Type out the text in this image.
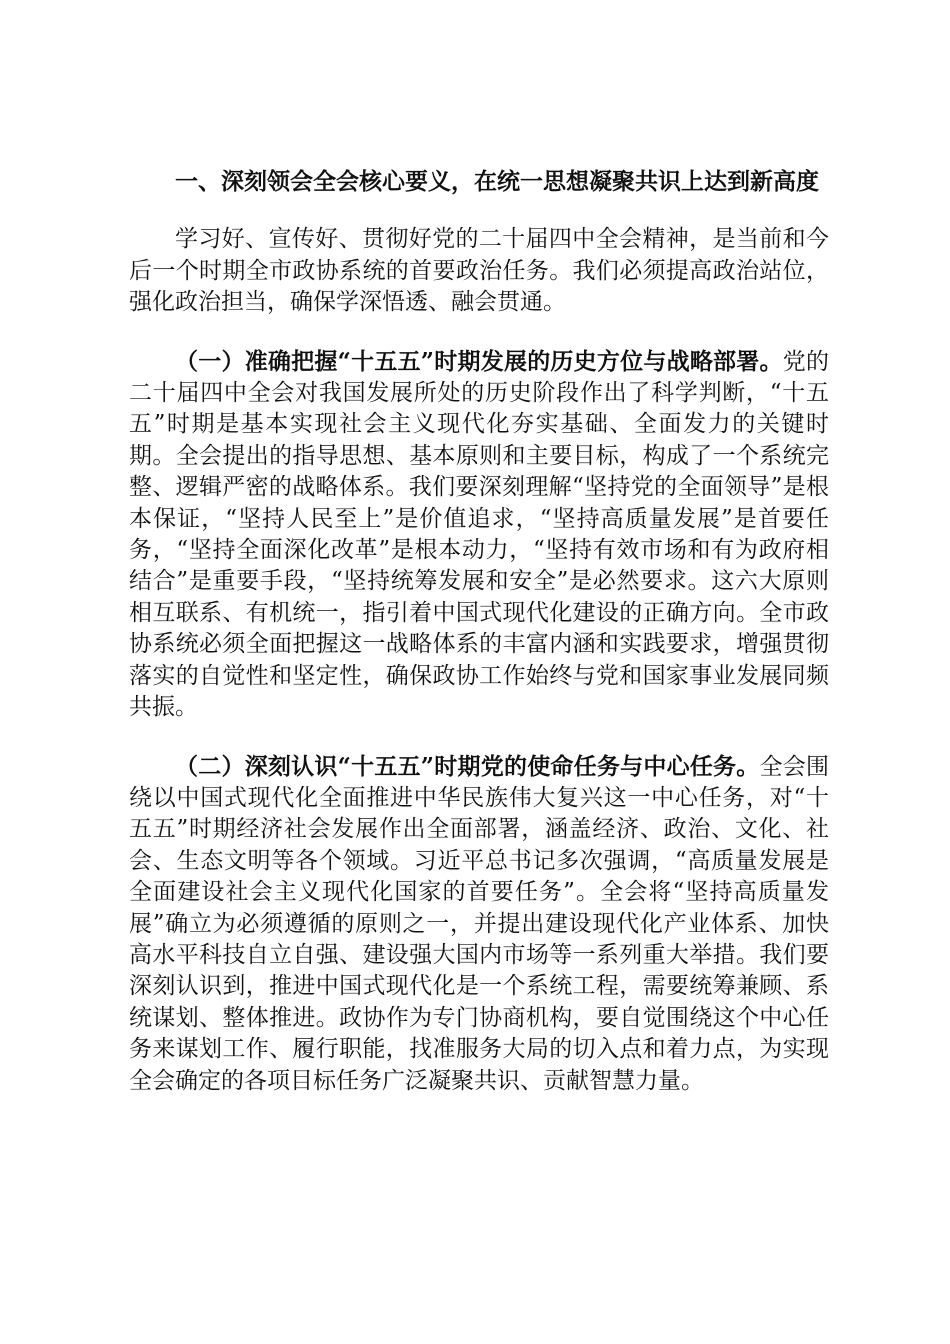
一、深刻领会全会核心要义，在统一思想凝聚共识上达到新高度

学习好、宣传好、贯彻好党的二十届四中全会精神，是当前和今后一个时期全市政协系统的首要政治任务。我们必须提高政治站位，强化政治担当，确保学深悟透、融会贯通。

（一）准确把握“十五五”时期发展的历史方位与战略部署。党的二十届四中全会对我国发展所处的历史阶段作出了科学判断，“十五五”时期是基本实现社会主义现代化夯实基础、全面发力的关键时期。全会提出的指导思想、基本原则和主要目标，构成了一个系统完整、逻辑严密的战略体系。我们要深刻理解“坚持党的全面领导”是根本保证，“坚持人民至上”是价值追求，“坚持高质量发展”是首要任务，“坚持全面深化改革”是根本动力，“坚持有效市场和有为政府相结合”是重要手段，“坚持统筹发展和安全”是必然要求。这六大原则相互联系、有机统一，指引着中国式现代化建设的正确方向。全市政协系统必须全面把握这一战略体系的丰富内涵和实践要求，增强贯彻落实的自觉性和坚定性，确保政协工作始终与党和国家事业发展同频共振。

（二）深刻认识“十五五”时期党的使命任务与中心任务。全会围绕以中国式现代化全面推进中华民族伟大复兴这一中心任务，对“十五五”时期经济社会发展作出全面部署，涵盖经济、政治、文化、社会、生态文明等各个领域。习近平总书记多次强调，“高质量发展是全面建设社会主义现代化国家的首要任务”。全会将“坚持高质量发展”确立为必须遵循的原则之一，并提出建设现代化产业体系、加快高水平科技自立自强、建设强大国内市场等一系列重大举措。我们要深刻认识到，推进中国式现代化是一个系统工程，需要统筹兼顾、系统谋划、整体推进。政协作为专门协商机构，要自觉围绕这个中心任务来谋划工作、履行职能，找准服务大局的切入点和着力点，为实现全会确定的各项目标任务广泛凝聚共识、贡献智慧力量。
